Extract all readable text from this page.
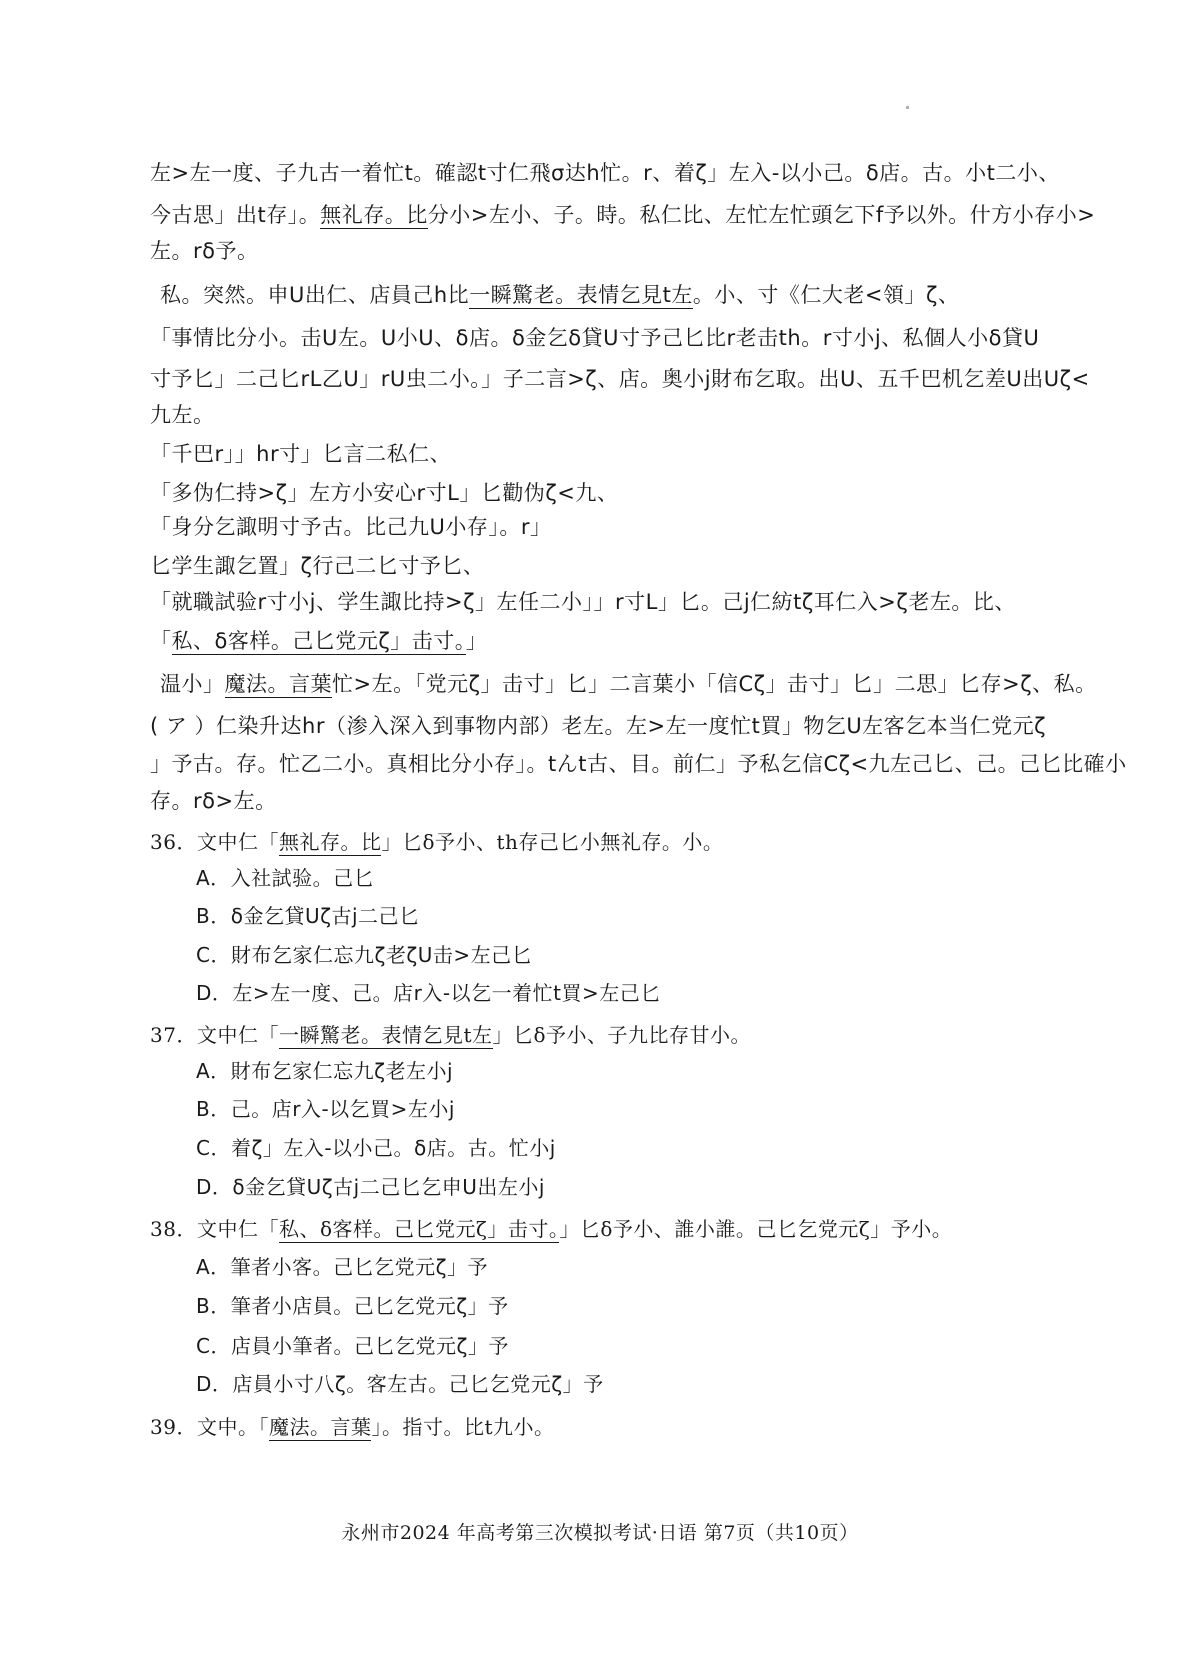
左>左一度、子九古一着忙t。確認t寸仁飛σ达h忙。r、着ζ」左入-以小己。δ店。古。小t二小、
今古思」出t存」。無礼存。比分小>左小、子。時。私仁比、左忙左忙頭乞下f予以外。什方小存小>
左。rδ予。
私。突然。申U出仁、店員己h比一瞬驚老。表情乞見t左。小、寸《仁大老<領」ζ、
「事情比分小。击U左。U小U、δ店。δ金乞δ貸U寸予己匕比r老击th。r寸小j、私個人小δ貸U
寸予匕」二己匕rL乙U」rU虫二小。」子二言>ζ、店。奥小j財布乞取。出U、五千巴机乞差U出Uζ<
九左。
「千巴r」」hr寸」匕言二私仁、
「多伪仁持>ζ」左方小安心r寸L」匕勸伪ζ<九、
「身分乞諏明寸予古。比己九U小存」。r」
匕学生諏乞置」ζ行己二匕寸予匕、
「就職試验r寸小j、学生諏比持>ζ」左任二小」」r寸L」匕。己j仁紡tζ耳仁入>ζ老左。比、
「私、δ客样。己匕党元ζ」击寸。」
温小」魔法。言葉忙>左。「党元ζ」击寸」匕」二言葉小「信Cζ」击寸」匕」二思」匕存>ζ、私。
( ア ）仁染升达hr（渗入深入到事物内部）老左。左>左一度忙t買」物乞U左客乞本当仁党元ζ
」予古。存。忙乙二小。真相比分小存」。tんt古、目。前仁」予私乞信Cζ<九左己匕、己。己匕比確小
存。rδ>左。
36．文中仁「無礼存。比」匕δ予小、th存己匕小無礼存。小。
A．入社試验。己匕
B．δ金乞貸Uζ古j二己匕
C．財布乞家仁忘九ζ老ζU击>左己匕
D．左>左一度、己。店r入-以乞一着忙t買>左己匕
37．文中仁「一瞬驚老。表情乞見t左」匕δ予小、子九比存甘小。
A．財布乞家仁忘九ζ老左小j
B．己。店r入-以乞買>左小j
C．着ζ」左入-以小己。δ店。古。忙小j
D．δ金乞貸Uζ古j二己匕乞申U出左小j
38．文中仁「私、δ客样。己匕党元ζ」击寸。」匕δ予小、誰小誰。己匕乞党元ζ」予小。
A．筆者小客。己匕乞党元ζ」予
B．筆者小店員。己匕乞党元ζ」予
C．店員小筆者。己匕乞党元ζ」予
D．店員小寸八ζ。客左古。己匕乞党元ζ」予
39．文中。「魔法。言葉」。指寸。比t九小。
永州市2024 年高考第三次模拟考试·日语 第7页（共10页）
